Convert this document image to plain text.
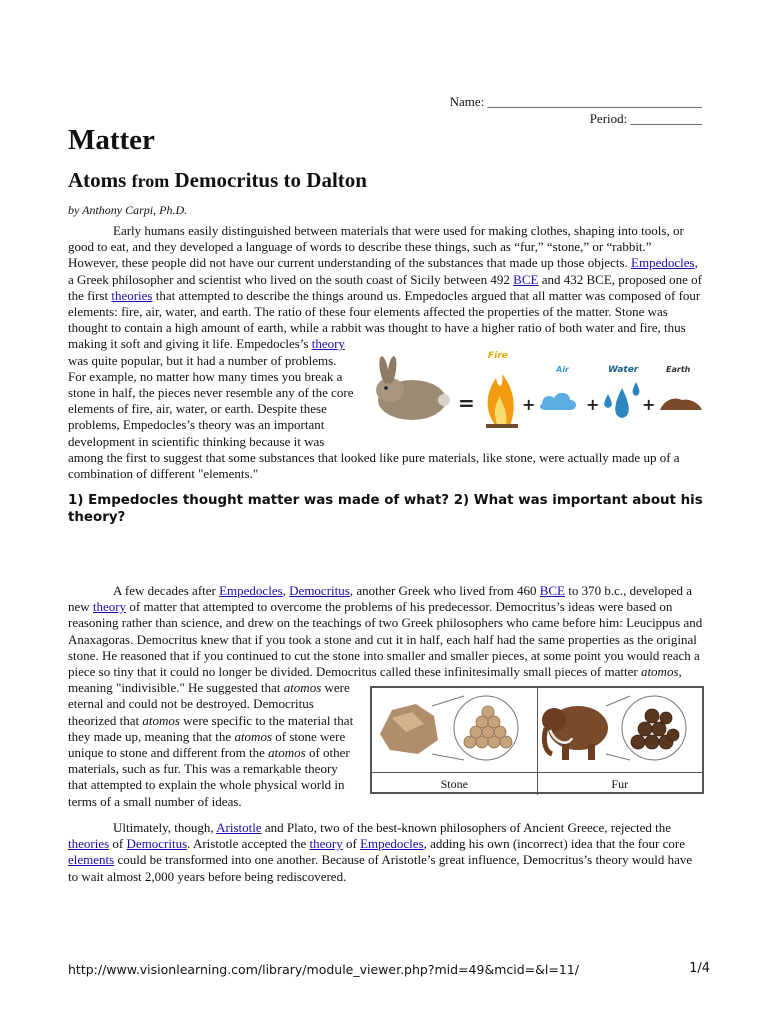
Name: _________________________________
Period: ___________
Matter
Atoms from Democritus to Dalton
by Anthony Carpi, Ph.D.

Early humans easily distinguished between materials that were used for making clothes, shaping into tools, or good to eat, and they developed a language of words to describe these things, such as “fur,” “stone,” or “rabbit.” However, these people did not have our current understanding of the substances that made up those objects. Empedocles, a Greek philosopher and scientist who lived on the south coast of Sicily between 492 BCE and 432 BCE, proposed one of the first theories that attempted to describe the things around us. Empedocles argued that all matter was composed of four elements: fire, air, water, and earth. The ratio of these four elements affected the properties of the matter. Stone was thought to contain a high amount of earth, while a rabbit was thought to have a higher ratio of both water and fire, thus making it soft and giving it life. Empedocles’s theory
=
Fire
+
Air
+
Water
+
Earth
was quite popular, but it had a number of problems. For example, no matter how many times you break a stone in half, the pieces never resemble any of the core elements of fire, air, water, or earth. Despite these problems, Empedocles’s theory was an important development in scientific thinking because it was among the first to suggest that some substances that looked like pure materials, like stone, were actually made up of a combination of different "elements."

1) Empedocles thought matter was made of what? 2) What was important about his theory?

A few decades after Empedocles, Democritus, another Greek who lived from 460 BCE to 370 b.c., developed a new theory of matter that attempted to overcome the problems of his predecessor. Democritus’s ideas were based on reasoning rather than science, and drew on the teachings of two Greek philosophers who came before him: Leucippus and Anaxagoras. Democritus knew that if you took a stone and cut it in half, each half had the same properties as the original stone. He reasoned that if you continued to cut the stone into smaller and smaller pieces, at some point you would reach a piece so tiny that it could no longer be divided. Democritus called these infinitesimally small pieces of matter atomos, meaning "indivisible." He suggested that atomos
Stone	Fur
were eternal and could not be destroyed. Democritus theorized that atomos were specific to the material that they made up, meaning that the atomos of stone were unique to stone and different from the atomos of other materials, such as fur. This was a remarkable theory that attempted to explain the whole physical world in terms of a small number of ideas.

Ultimately, though, Aristotle and Plato, two of the best-known philosophers of Ancient Greece, rejected the theories of Democritus. Aristotle accepted the theory of Empedocles, adding his own (incorrect) idea that the four core elements could be transformed into one another. Because of Aristotle’s great influence, Democritus’s theory would have to wait almost 2,000 years before being rediscovered.

http://www.visionlearning.com/library/module_viewer.php?mid=49&mcid=&l=11/	1/4
